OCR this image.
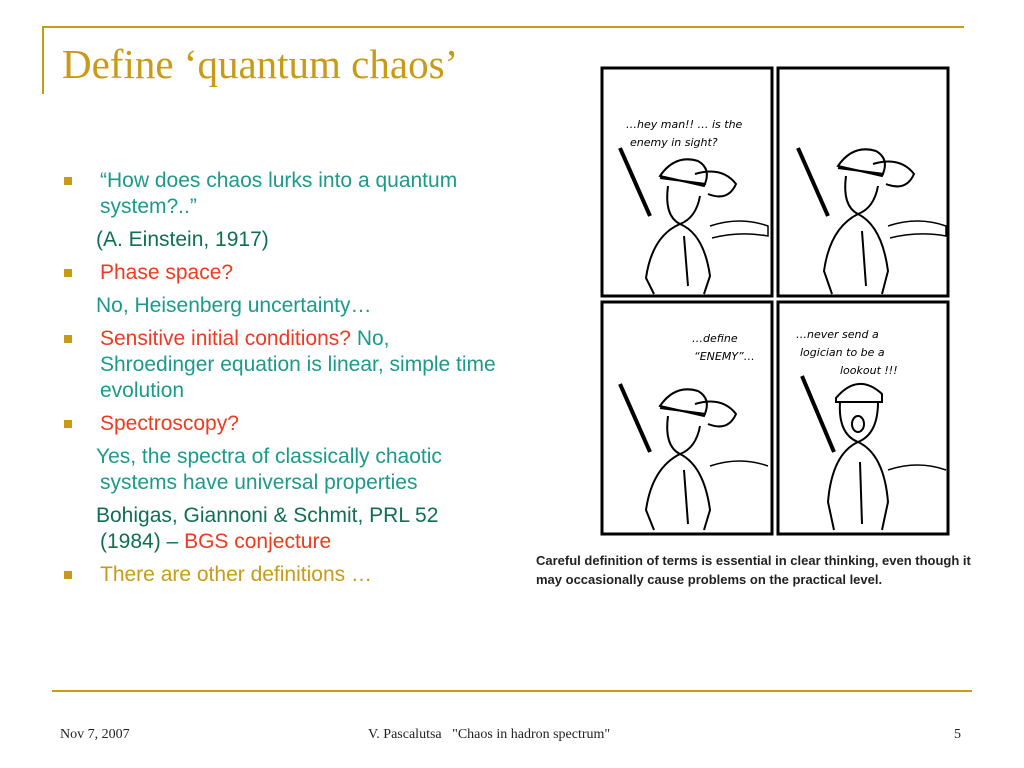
Define ‘quantum chaos’
“How does chaos lurks into a quantum system?..”
(A. Einstein, 1917)
Phase space?
No, Heisenberg uncertainty…
Sensitive initial conditions? No, Shroedinger equation is linear, simple time evolution
Spectroscopy?
Yes, the spectra of classically chaotic systems have universal properties
Bohigas, Giannoni & Schmit, PRL 52 (1984) – BGS conjecture
There are other definitions …
…hey man!! … is the
enemy in sight?
…define
“ENEMY”…
…never send a
logician to be a
lookout !!!
Careful definition of terms is essential in clear thinking, even though it may occasionally cause problems on the practical level.
Nov 7, 2007	V. Pascalutsa   "Chaos in hadron spectrum"	5
